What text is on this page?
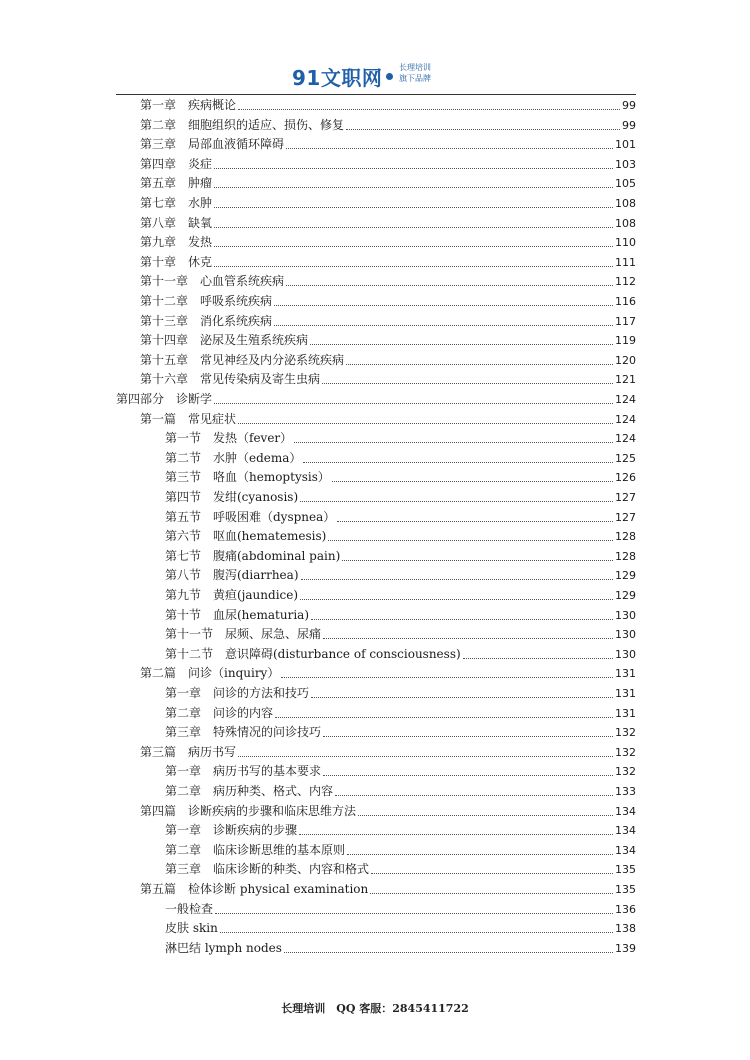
91文职网 长理培训
旗下品牌
第一章　疾病概论	99
第二章　细胞组织的适应、损伤、修复	99
第三章　局部血液循环障碍	101
第四章　炎症	103
第五章　肿瘤	105
第七章　水肿	108
第八章　缺氧	108
第九章　发热	110
第十章　休克	111
第十一章　心血管系统疾病	112
第十二章　呼吸系统疾病	116
第十三章　消化系统疾病	117
第十四章　泌尿及生殖系统疾病	119
第十五章　常见神经及内分泌系统疾病	120
第十六章　常见传染病及寄生虫病	121
第四部分　诊断学	124
第一篇　常见症状	124
第一节　发热（fever）	124
第二节　水肿（edema）	125
第三节　咯血（hemoptysis）	126
第四节　发绀(cyanosis)	127
第五节　呼吸困难（dyspnea）	127
第六节　呕血(hematemesis)	128
第七节　腹痛(abdominal pain)	128
第八节　腹泻(diarrhea)	129
第九节　黄疸(jaundice)	129
第十节　血尿(hematuria)	130
第十一节　尿频、尿急、尿痛	130
第十二节　意识障碍(disturbance of consciousness)	130
第二篇　问诊（inquiry）	131
第一章　问诊的方法和技巧	131
第二章　问诊的内容	131
第三章　特殊情况的问诊技巧	132
第三篇　病历书写	132
第一章　病历书写的基本要求	132
第二章　病历种类、格式、内容	133
第四篇　诊断疾病的步骤和临床思维方法	134
第一章　诊断疾病的步骤	134
第二章　临床诊断思维的基本原则	134
第三章　临床诊断的种类、内容和格式	135
第五篇　检体诊断 physical examination	135
一般检查	136
皮肤 skin	138
淋巴结 lymph nodes	139
长理培训　QQ 客服：2845411722
